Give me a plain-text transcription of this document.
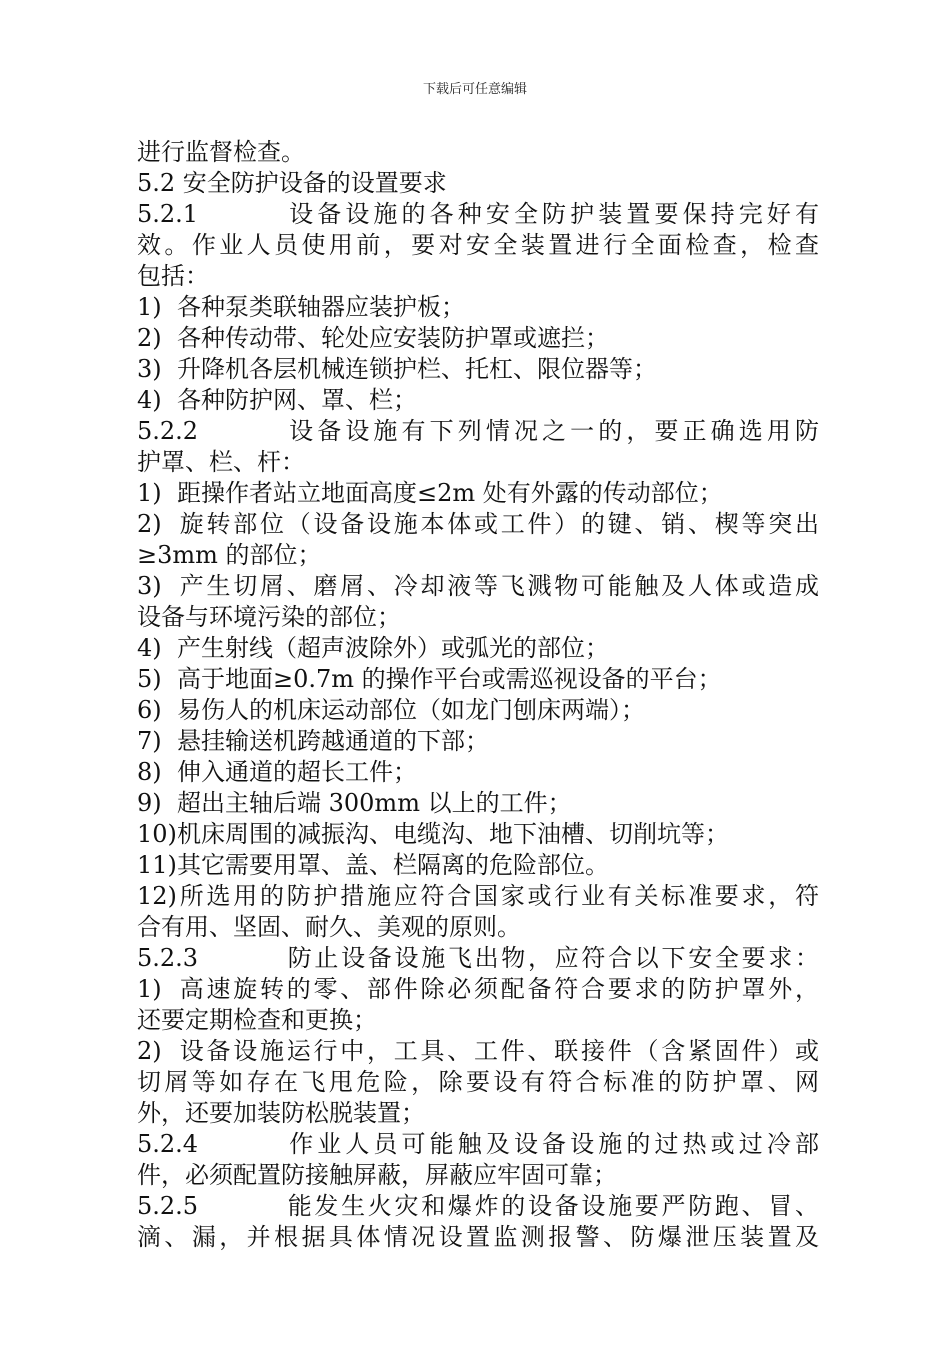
下载后可任意编辑
进行监督检查。
5.2 安全防护设备的设置要求
5.2.1	设备设施的各种安全防护装置要保持完好有
效。作业人员使用前，要对安全装置进行全面检查，检查
包括：
1) 各种泵类联轴器应装护板；
2) 各种传动带、轮处应安装防护罩或遮拦；
3) 升降机各层机械连锁护栏、托杠、限位器等；
4) 各种防护网、罩、栏；
5.2.2	设备设施有下列情况之一的，要正确选用防
护罩、栏、杆：
1) 距操作者站立地面高度≤2m 处有外露的传动部位；
2) 旋转部位（设备设施本体或工件）的键、销、楔等突出
≥3mm 的部位；
3) 产生切屑、磨屑、冷却液等飞溅物可能触及人体或造成
设备与环境污染的部位；
4) 产生射线（超声波除外）或弧光的部位；
5) 高于地面≥0.7m 的操作平台或需巡视设备的平台；
6) 易伤人的机床运动部位（如龙门刨床两端）；
7) 悬挂输送机跨越通道的下部；
8) 伸入通道的超长工件；
9) 超出主轴后端 300mm 以上的工件；
10)机床周围的减振沟、电缆沟、地下油槽、切削坑等；
11)其它需要用罩、盖、栏隔离的危险部位。
12)所选用的防护措施应符合国家或行业有关标准要求，符
合有用、坚固、耐久、美观的原则。
5.2.3	防止设备设施飞出物，应符合以下安全要求：
1) 高速旋转的零、部件除必须配备符合要求的防护罩外，
还要定期检查和更换；
2) 设备设施运行中，工具、工件、联接件（含紧固件）或
切屑等如存在飞甩危险，除要设有符合标准的防护罩、网
外，还要加装防松脱装置；
5.2.4	作业人员可能触及设备设施的过热或过冷部
件，必须配置防接触屏蔽，屏蔽应牢固可靠；
5.2.5	能发生火灾和爆炸的设备设施要严防跑、冒、
滴、漏，并根据具体情况设置监测报警、防爆泄压装置及
